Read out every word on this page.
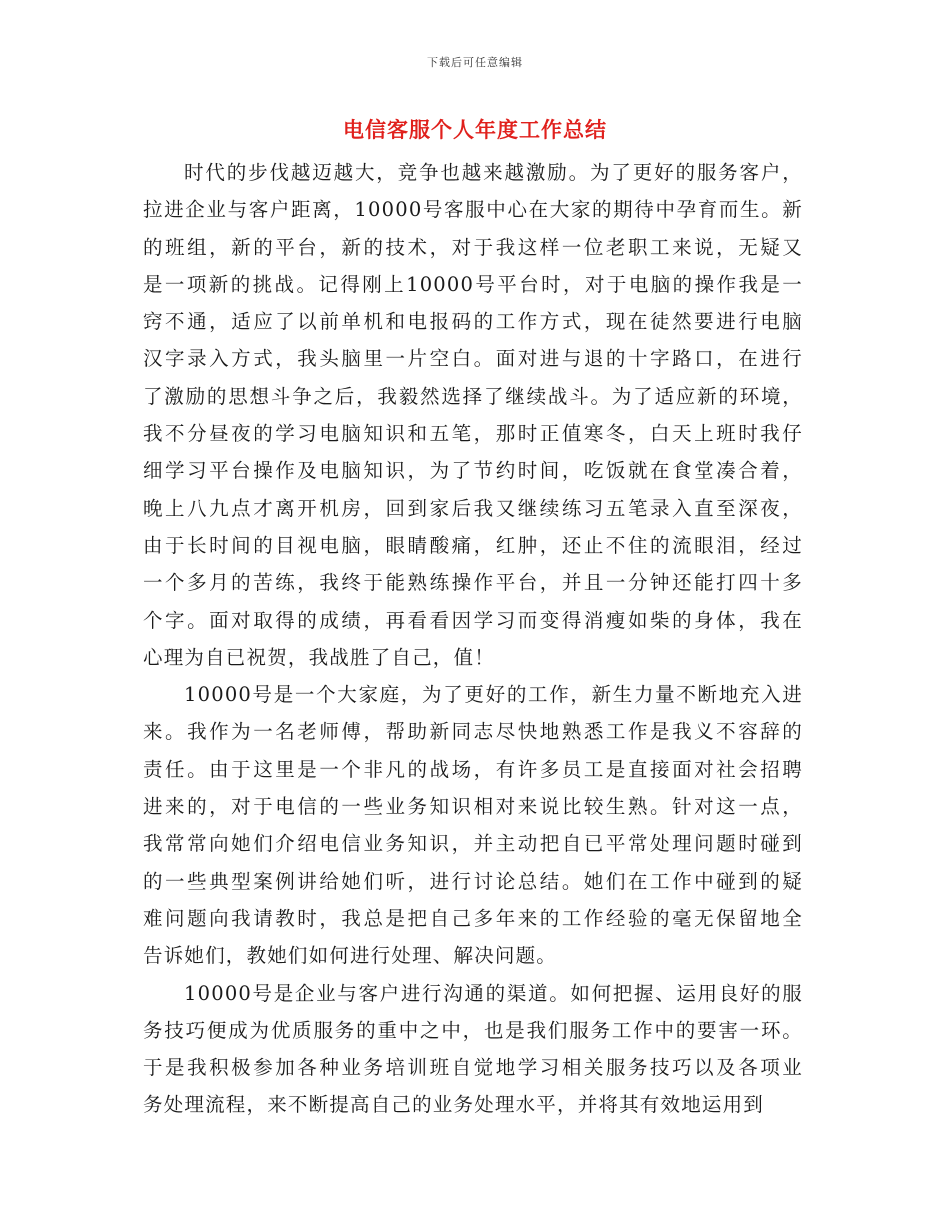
下载后可任意编辑
电信客服个人年度工作总结
时代的步伐越迈越大，竞争也越来越激励。为了更好的服务客户，
拉进企业与客户距离，10000号客服中心在大家的期待中孕育而生。新
的班组，新的平台，新的技术，对于我这样一位老职工来说，无疑又
是一项新的挑战。记得刚上10000号平台时，对于电脑的操作我是一
窍不通，适应了以前单机和电报码的工作方式，现在徒然要进行电脑
汉字录入方式，我头脑里一片空白。面对进与退的十字路口，在进行
了激励的思想斗争之后，我毅然选择了继续战斗。为了适应新的环境，
我不分昼夜的学习电脑知识和五笔，那时正值寒冬，白天上班时我仔
细学习平台操作及电脑知识，为了节约时间，吃饭就在食堂凑合着，
晚上八九点才离开机房，回到家后我又继续练习五笔录入直至深夜，
由于长时间的目视电脑，眼睛酸痛，红肿，还止不住的流眼泪，经过
一个多月的苦练，我终于能熟练操作平台，并且一分钟还能打四十多
个字。面对取得的成绩，再看看因学习而变得消瘦如柴的身体，我在
心理为自已祝贺，我战胜了自己，值！
10000号是一个大家庭，为了更好的工作，新生力量不断地充入进
来。我作为一名老师傅，帮助新同志尽快地熟悉工作是我义不容辞的
责任。由于这里是一个非凡的战场，有许多员工是直接面对社会招聘
进来的，对于电信的一些业务知识相对来说比较生熟。针对这一点，
我常常向她们介绍电信业务知识，并主动把自已平常处理问题时碰到
的一些典型案例讲给她们听，进行讨论总结。她们在工作中碰到的疑
难问题向我请教时，我总是把自己多年来的工作经验的毫无保留地全
告诉她们，教她们如何进行处理、解决问题。
10000号是企业与客户进行沟通的渠道。如何把握、运用良好的服
务技巧便成为优质服务的重中之中，也是我们服务工作中的要害一环。
于是我积极参加各种业务培训班自觉地学习相关服务技巧以及各项业
务处理流程，来不断提高自己的业务处理水平，并将其有效地运用到
